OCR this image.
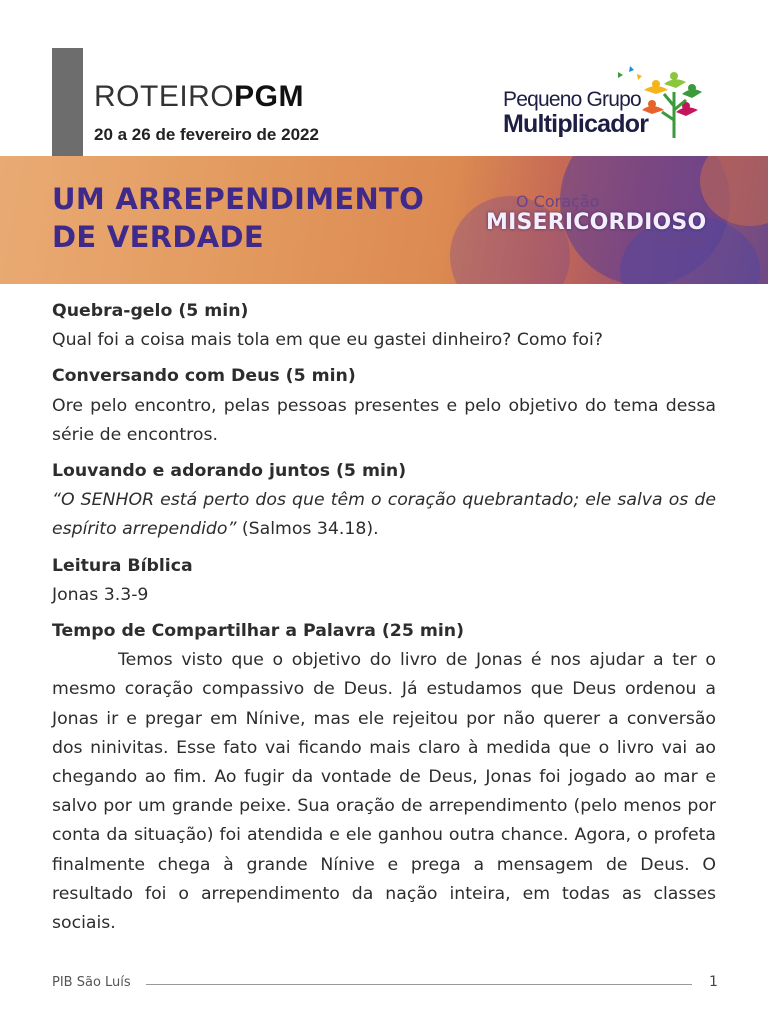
ROTEIROPGM
20 a 26 de fevereiro de 2022
Pequeno Grupo
Multiplicador
UM ARREPENDIMENTO
DE VERDADE
O Coração
MISERICORDIOSO
de Deus
Quebra-gelo (5 min)

Qual foi a coisa mais tola em que eu gastei dinheiro? Como foi?

Conversando com Deus (5 min)

Ore pelo encontro, pelas pessoas presentes e pelo objetivo do tema dessa série de encontros.

Louvando e adorando juntos (5 min)

“O SENHOR está perto dos que têm o coração quebrantado; ele salva os de espírito arrependido” (Salmos 34.18).

Leitura Bíblica

Jonas 3.3-9

Tempo de Compartilhar a Palavra (25 min)

Temos visto que o objetivo do livro de Jonas é nos ajudar a ter o mesmo coração compassivo de Deus. Já estudamos que Deus ordenou a Jonas ir e pregar em Nínive, mas ele rejeitou por não querer a conversão dos ninivitas. Esse fato vai ficando mais claro à medida que o livro vai ao chegando ao fim. Ao fugir da vontade de Deus, Jonas foi jogado ao mar e salvo por um grande peixe. Sua oração de arrependimento (pelo menos por conta da situação) foi atendida e ele ganhou outra chance. Agora, o profeta finalmente chega à grande Nínive e prega a mensagem de Deus. O resultado foi o arrependimento da nação inteira, em todas as classes sociais.

PIB São Luís	1
